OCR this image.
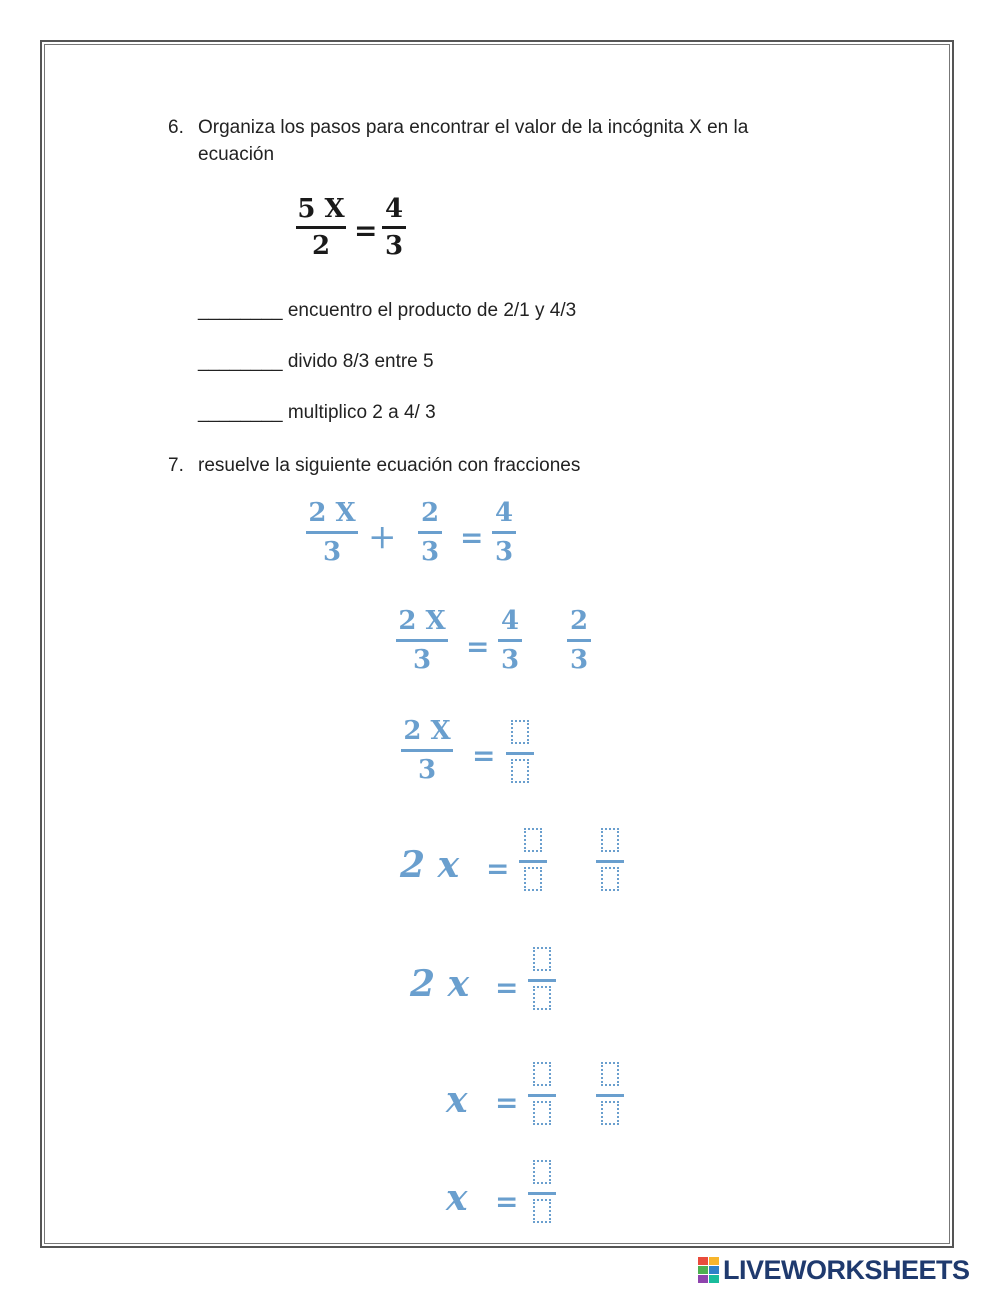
6. Organiza los pasos para encontrar el valor de la incógnita X en la
ecuación
5 X
2 =
4
3
________ encuentro el producto de 2/1 y 4/3
________ divido 8/3 entre 5
________ multiplico 2 a 4/ 3
7. resuelve la siguiente ecuación con fracciones
2 X
3 +
2
3 =
4
3
2 X
3	=
4
3
2
3
2 X
3	=
2 x =
2 x =
x =
x =
LIVEWORKSHEETS
